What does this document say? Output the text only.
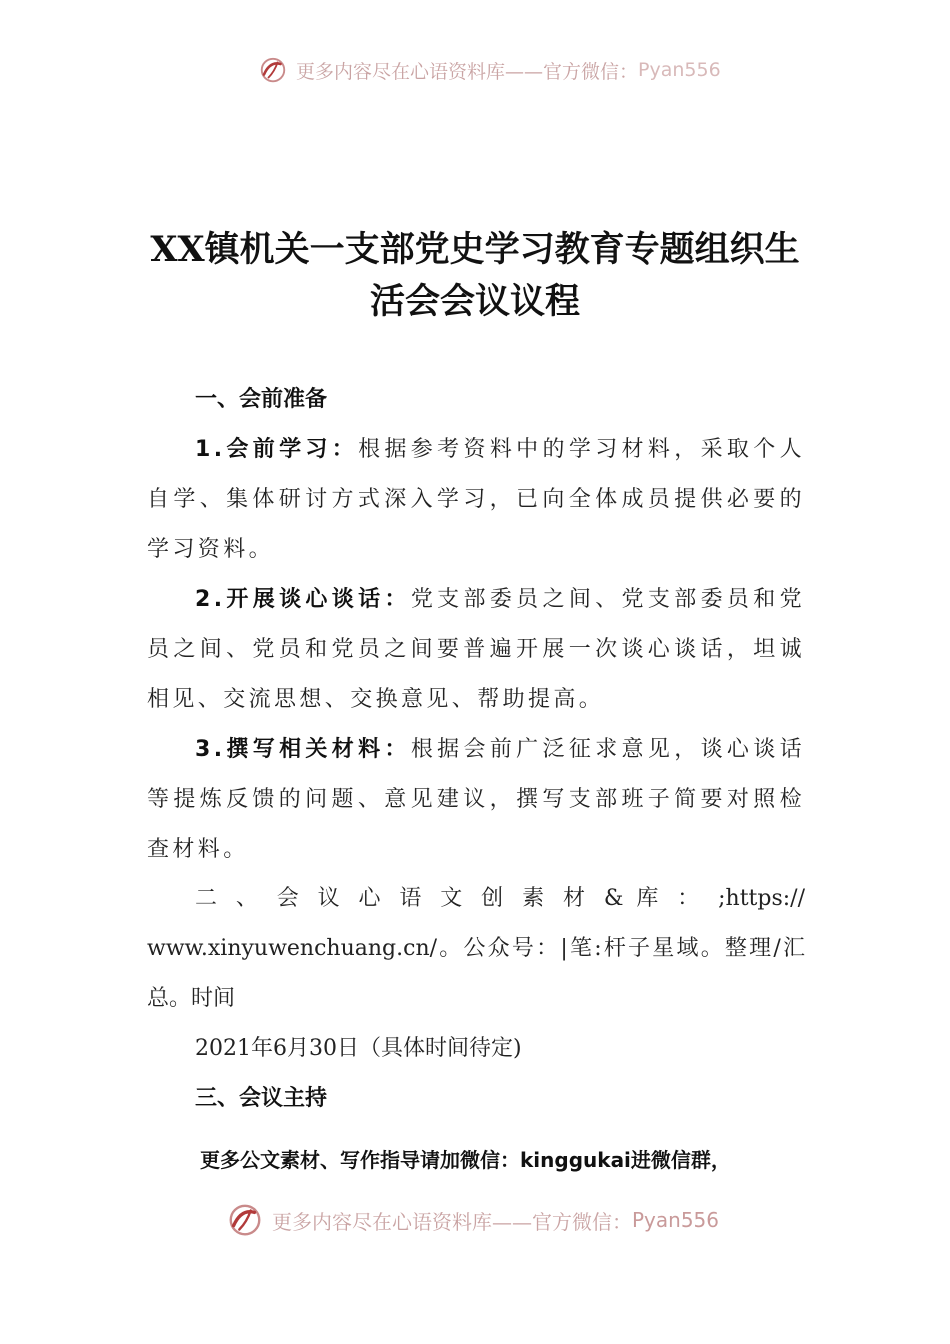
更多内容尽在心语资料库——官方微信： Pyan556
XX镇机关一支部党史学习教育专题组织生
活会会议议程
一、会前准备
1.会前学习：根据参考资料中的学习材料，采取个人
自学、集体研讨方式深入学习，已向全体成员提供必要的
学习资料。
2.开展谈心谈话：党支部委员之间、党支部委员和党
员之间、党员和党员之间要普遍开展一次谈心谈话，坦诚
相见、交流思想、交换意见、帮助提高。
3.撰写相关材料：根据会前广泛征求意见，谈心谈话
等提炼反馈的问题、意见建议，撰写支部班子简要对照检
查材料。
二 、 会 议 心 语 文 创 素 材 & 库 ： ;https://
www.xinyuwenchuang.cn/。公众号：|笔:杆子星域。整理/汇
总。时间
2021年6月30日（具体时间待定)
三、会议主持
更多公文素材、写作指导请加微信：kinggukai进微信群，
更多内容尽在心语资料库——官方微信： Pyan556
